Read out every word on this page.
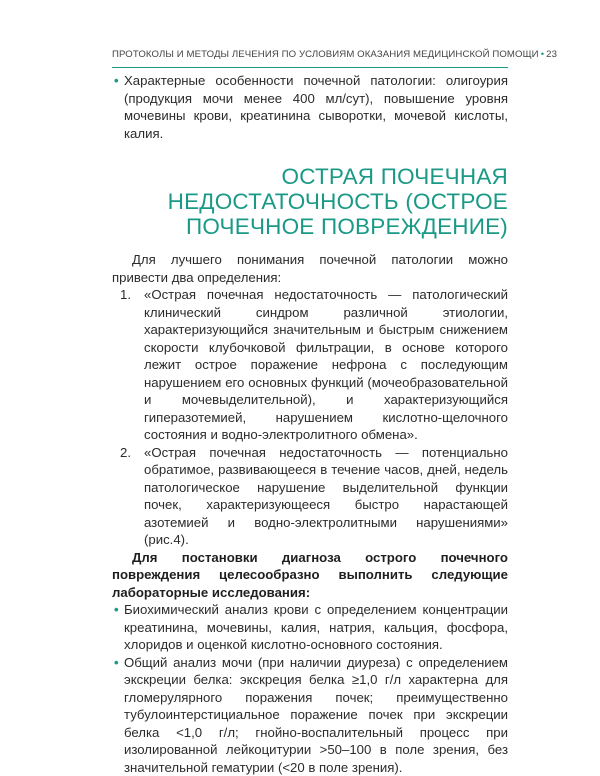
ПРОТОКОЛЫ И МЕТОДЫ ЛЕЧЕНИЯ ПО УСЛОВИЯМ ОКАЗАНИЯ МЕДИЦИНСКОЙ ПОМОЩИ • 23
• Характерные особенности почечной патологии: олигоурия (продукция мочи менее 400 мл/сут), повышение уровня мочевины крови, креатинина сыворотки, мочевой кислоты, калия.
ОСТРАЯ ПОЧЕЧНАЯ
НЕДОСТАТОЧНОСТЬ (ОСТРОЕ
ПОЧЕЧНОЕ ПОВРЕЖДЕНИЕ)

Для лучшего понимания почечной патологии можно привести два определения:

1. «Острая почечная недостаточность — патологический клинический синдром различной этиологии, характеризующийся значительным и быстрым снижением скорости клубочковой фильтрации, в основе которого лежит острое поражение нефрона с последующим нарушением его основных функций (мочеобразовательной и мочевыделительной), и характеризующийся гиперазотемией, нарушением кислотно-щелочного состояния и водно-электролитного обмена».
2. «Острая почечная недостаточность — потенциально обратимое, развивающееся в течение часов, дней, недель патологическое нарушение выделительной функции почек, характеризующееся быстро нарастающей азотемией и водно-электролитными нарушениями» (рис.4).

Для постановки диагноза острого почечного повреждения целесообразно выполнить следующие лабораторные исследования:

• Биохимический анализ крови с определением концентрации креатинина, мочевины, калия, натрия, кальция, фосфора, хлоридов и оценкой кислотно-основного состояния.
• Общий анализ мочи (при наличии диуреза) с определением экскреции белка: экскреция белка ≥1,0 г/л характерна для гломерулярного поражения почек; преимущественно тубулоинтерстициальное поражение почек при экскреции белка <1,0 г/л; гнойно-воспалительный процесс при изолированной лейкоцитурии >50–100 в поле зрения, без значительной гематурии (<20 в поле зрения).
